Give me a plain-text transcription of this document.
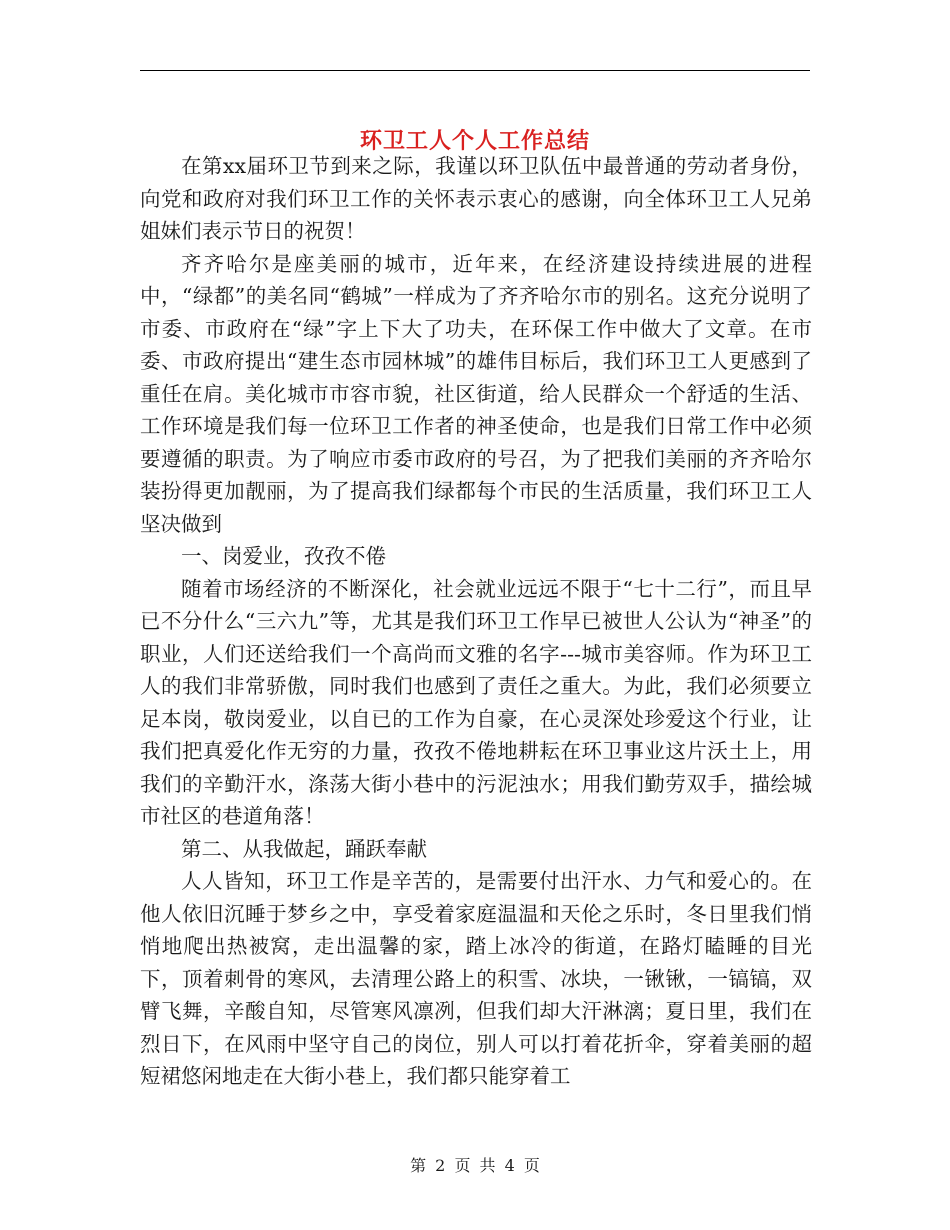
环卫工人个人工作总结

在第xx届环卫节到来之际，我谨以环卫队伍中最普通的劳动者身份，向党和政府对我们环卫工作的关怀表示衷心的感谢，向全体环卫工人兄弟姐妹们表示节日的祝贺！

齐齐哈尔是座美丽的城市，近年来，在经济建设持续进展的进程中，“绿都”的美名同“鹤城”一样成为了齐齐哈尔市的别名。这充分说明了市委、市政府在“绿”字上下大了功夫，在环保工作中做大了文章。在市委、市政府提出“建生态市园林城”的雄伟目标后，我们环卫工人更感到了重任在肩。美化城市市容市貌，社区街道，给人民群众一个舒适的生活、工作环境是我们每一位环卫工作者的神圣使命，也是我们日常工作中必须要遵循的职责。为了响应市委市政府的号召，为了把我们美丽的齐齐哈尔装扮得更加靓丽，为了提高我们绿都每个市民的生活质量，我们环卫工人坚决做到

一、岗爱业，孜孜不倦

随着市场经济的不断深化，社会就业远远不限于“七十二行”，而且早已不分什么“三六九”等，尤其是我们环卫工作早已被世人公认为“神圣”的职业，人们还送给我们一个高尚而文雅的名字---城市美容师。作为环卫工人的我们非常骄傲，同时我们也感到了责任之重大。为此，我们必须要立足本岗，敬岗爱业，以自已的工作为自豪，在心灵深处珍爱这个行业，让我们把真爱化作无穷的力量，孜孜不倦地耕耘在环卫事业这片沃土上，用我们的辛勤汗水，涤荡大街小巷中的污泥浊水；用我们勤劳双手，描绘城市社区的巷道角落！

第二、从我做起，踊跃奉献

人人皆知，环卫工作是辛苦的，是需要付出汗水、力气和爱心的。在他人依旧沉睡于梦乡之中，享受着家庭温温和天伦之乐时，冬日里我们悄悄地爬出热被窝，走出温馨的家，踏上冰冷的街道，在路灯瞌睡的目光下，顶着刺骨的寒风，去清理公路上的积雪、冰块，一锹锹，一镐镐，双臂飞舞，辛酸自知，尽管寒风凛冽，但我们却大汗淋漓；夏日里，我们在烈日下，在风雨中坚守自己的岗位，别人可以打着花折伞，穿着美丽的超短裙悠闲地走在大街小巷上，我们都只能穿着工

第 2 页 共 4 页
